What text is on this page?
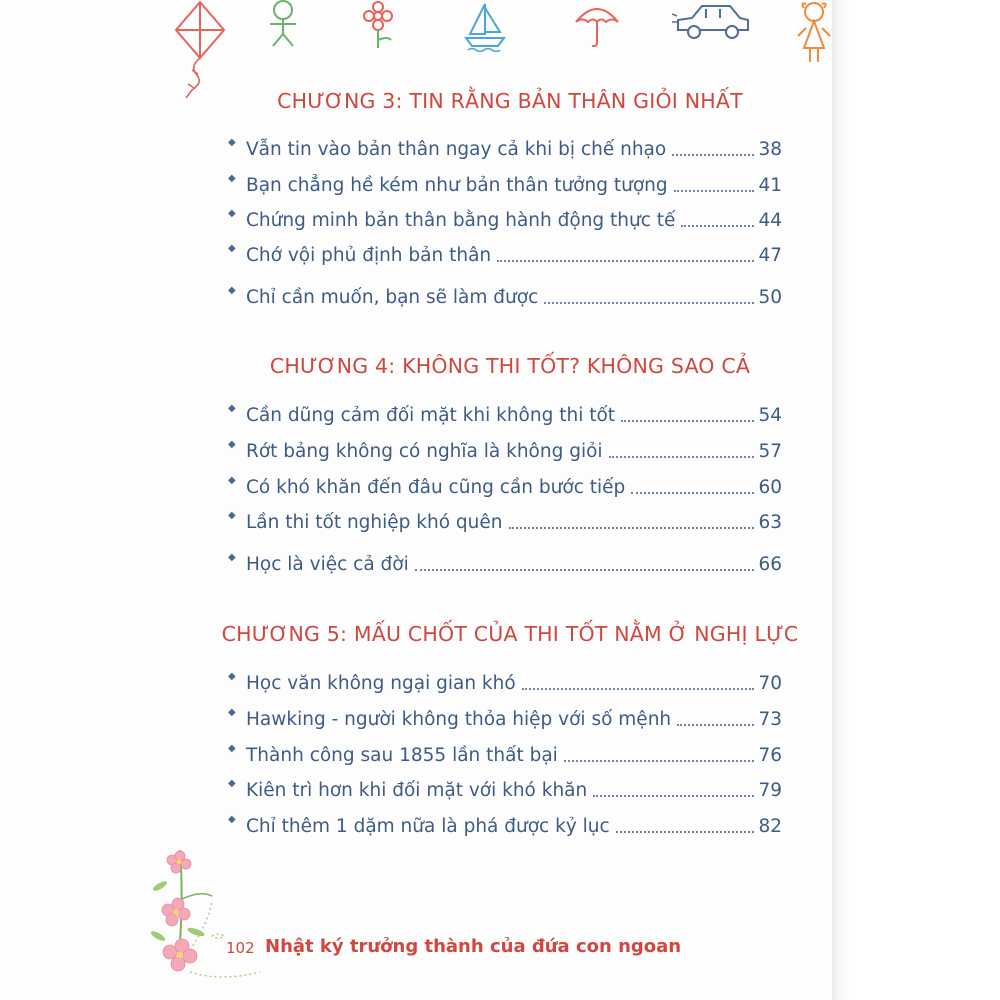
CHƯƠNG 3: TIN RẰNG BẢN THÂN GIỎI NHẤT
◆ Vẫn tin vào bản thân ngay cả khi bị chế nhạo	38
◆ Bạn chẳng hề kém như bản thân tưởng tượng	41
◆ Chứng minh bản thân bằng hành động thực tế	44
◆ Chớ vội phủ định bản thân	47
◆ Chỉ cần muốn, bạn sẽ làm được	50
CHƯƠNG 4: KHÔNG THI TỐT? KHÔNG SAO CẢ
◆ Cần dũng cảm đối mặt khi không thi tốt	54
◆ Rớt bảng không có nghĩa là không giỏi	57
◆ Có khó khăn đến đâu cũng cần bước tiếp	60
◆ Lần thi tốt nghiệp khó quên	63
◆ Học là việc cả đời	66
CHƯƠNG 5: MẤU CHỐT CỦA THI TỐT NẰM Ở NGHỊ LỰC
◆ Học văn không ngại gian khó	70
◆ Hawking - người không thỏa hiệp với số mệnh	73
◆ Thành công sau 1855 lần thất bại	76
◆ Kiên trì hơn khi đối mặt với khó khăn	79
◆ Chỉ thêm 1 dặm nữa là phá được kỷ lục	82
102 Nhật ký trưởng thành của đứa con ngoan
